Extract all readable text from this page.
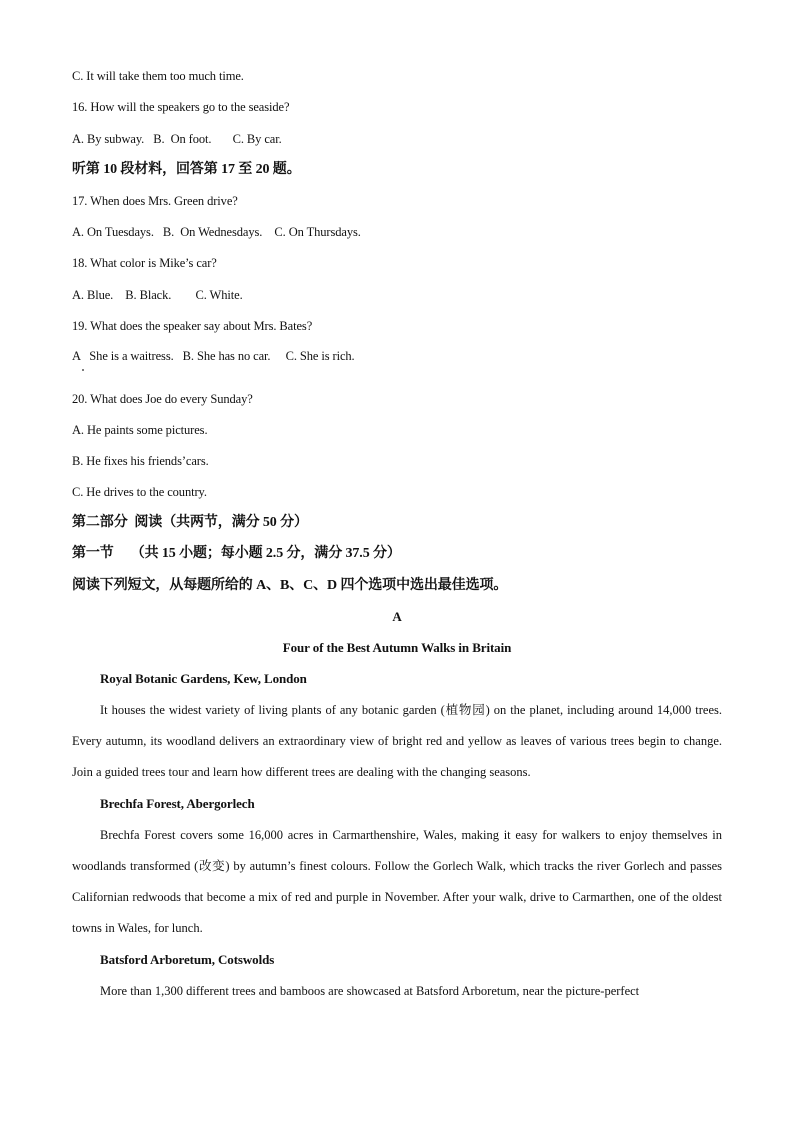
C. It will take them too much time.
16. How will the speakers go to the seaside?
A. By subway.   B.  On foot.       C. By car.
听第 10 段材料，回答第 17 至 20 题。
17. When does Mrs. Green drive?
A. On Tuesdays.   B.  On Wednesdays.    C. On Thursdays.
18. What color is Mike’s car?
A. Blue.    B. Black.        C. White.
19. What does the speaker say about Mrs. Bates?
A   She is a waitress.   B. She has no car.     C. She is rich.
20. What does Joe do every Sunday?
A. He paints some pictures.
B. He fixes his friends’cars.
C. He drives to the country.
第二部分  阅读（共两节，满分 50 分）
第一节     （共 15 小题；每小题 2.5 分，满分 37.5 分）
阅读下列短文，从每题所给的 A、B、C、D 四个选项中选出最佳选项。
A
Four of the Best Autumn Walks in Britain
Royal Botanic Gardens, Kew, London
It houses the widest variety of living plants of any botanic garden (植物园) on the planet, including around 14,000 trees. Every autumn, its woodland delivers an extraordinary view of bright red and yellow as leaves of various trees begin to change. Join a guided trees tour and learn how different trees are dealing with the changing seasons.
Brechfa Forest, Abergorlech
Brechfa Forest covers some 16,000 acres in Carmarthenshire, Wales, making it easy for walkers to enjoy themselves in woodlands transformed (改变) by autumn’s finest colours. Follow the Gorlech Walk, which tracks the river Gorlech and passes Californian redwoods that become a mix of red and purple in November. After your walk, drive to Carmarthen, one of the oldest towns in Wales, for lunch.
Batsford Arboretum, Cotswolds
More than 1,300 different trees and bamboos are showcased at Batsford Arboretum, near the picture-perfect
